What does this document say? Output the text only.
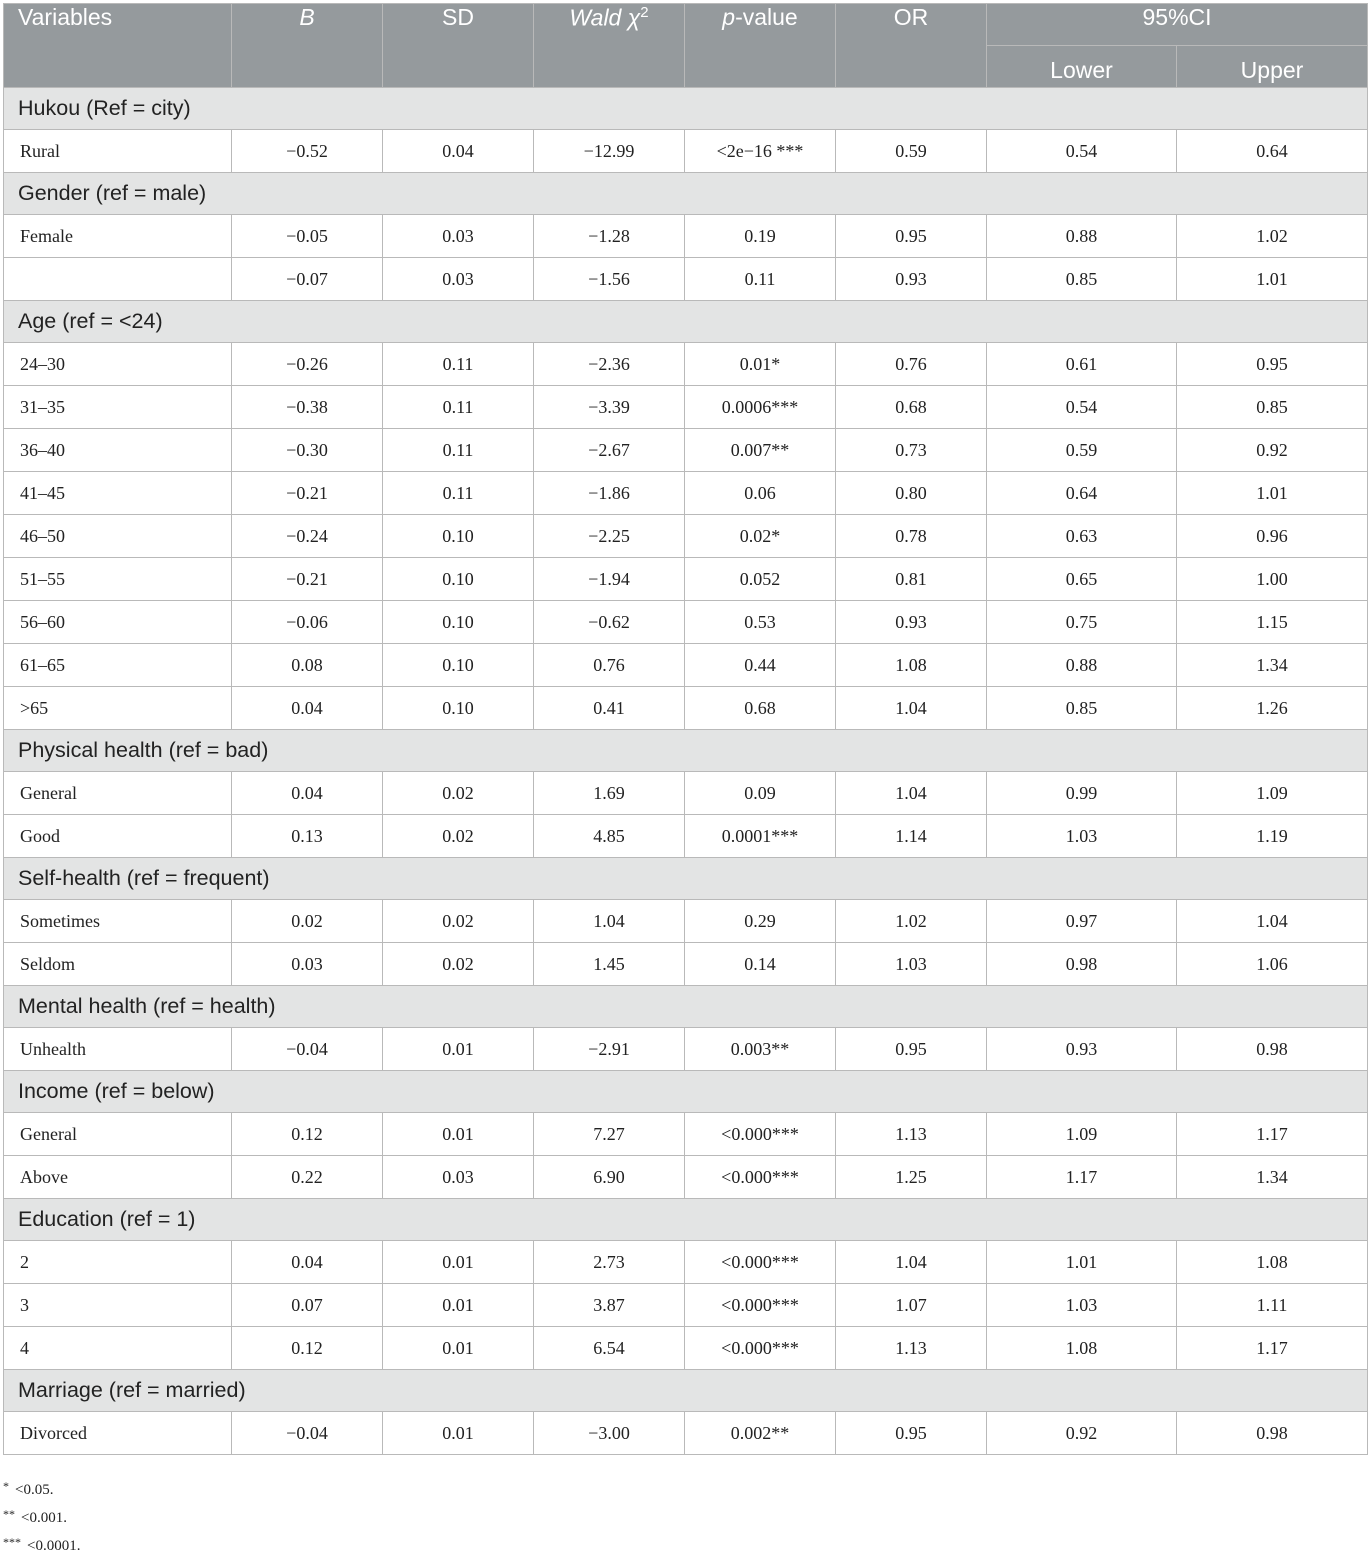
Variables	B	SD	Wald $\chi^2$	p-value	OR	95%CI	
						Lower	Upper
Hukou (Ref = city)							
Rural	−0.52	0.04	−12.99	<2e−16 ***	0.59	0.54	0.64
Gender (ref = male)							
Female	−0.05	0.03	−1.28	0.19	0.95	0.88	1.02
	−0.07	0.03	−1.56	0.11	0.93	0.85	1.01
Age (ref = <24)							
24–30	−0.26	0.11	−2.36	0.01*	0.76	0.61	0.95
31–35	−0.38	0.11	−3.39	0.0006***	0.68	0.54	0.85
36–40	−0.30	0.11	−2.67	0.007**	0.73	0.59	0.92
41–45	−0.21	0.11	−1.86	0.06	0.80	0.64	1.01
46–50	−0.24	0.10	−2.25	0.02*	0.78	0.63	0.96
51–55	−0.21	0.10	−1.94	0.052	0.81	0.65	1.00
56–60	−0.06	0.10	−0.62	0.53	0.93	0.75	1.15
61–65	0.08	0.10	0.76	0.44	1.08	0.88	1.34
>65	0.04	0.10	0.41	0.68	1.04	0.85	1.26
Physical health (ref = bad)							
General	0.04	0.02	1.69	0.09	1.04	0.99	1.09
Good	0.13	0.02	4.85	0.0001***	1.14	1.03	1.19
Self-health (ref = frequent)							
Sometimes	0.02	0.02	1.04	0.29	1.02	0.97	1.04
Seldom	0.03	0.02	1.45	0.14	1.03	0.98	1.06
Mental health (ref = health)							
Unhealth	−0.04	0.01	−2.91	0.003**	0.95	0.93	0.98
Income (ref = below)							
General	0.12	0.01	7.27	<0.000***	1.13	1.09	1.17
Above	0.22	0.03	6.90	<0.000***	1.25	1.17	1.34
Education (ref = 1)							
2	0.04	0.01	2.73	<0.000***	1.04	1.01	1.08
3	0.07	0.01	3.87	<0.000***	1.07	1.03	1.11
4	0.12	0.01	6.54	<0.000***	1.13	1.08	1.17
Marriage (ref = married)							
Divorced	−0.04	0.01	−3.00	0.002**	0.95	0.92	0.98
* <0.05.
** <0.001.
*** <0.0001.
